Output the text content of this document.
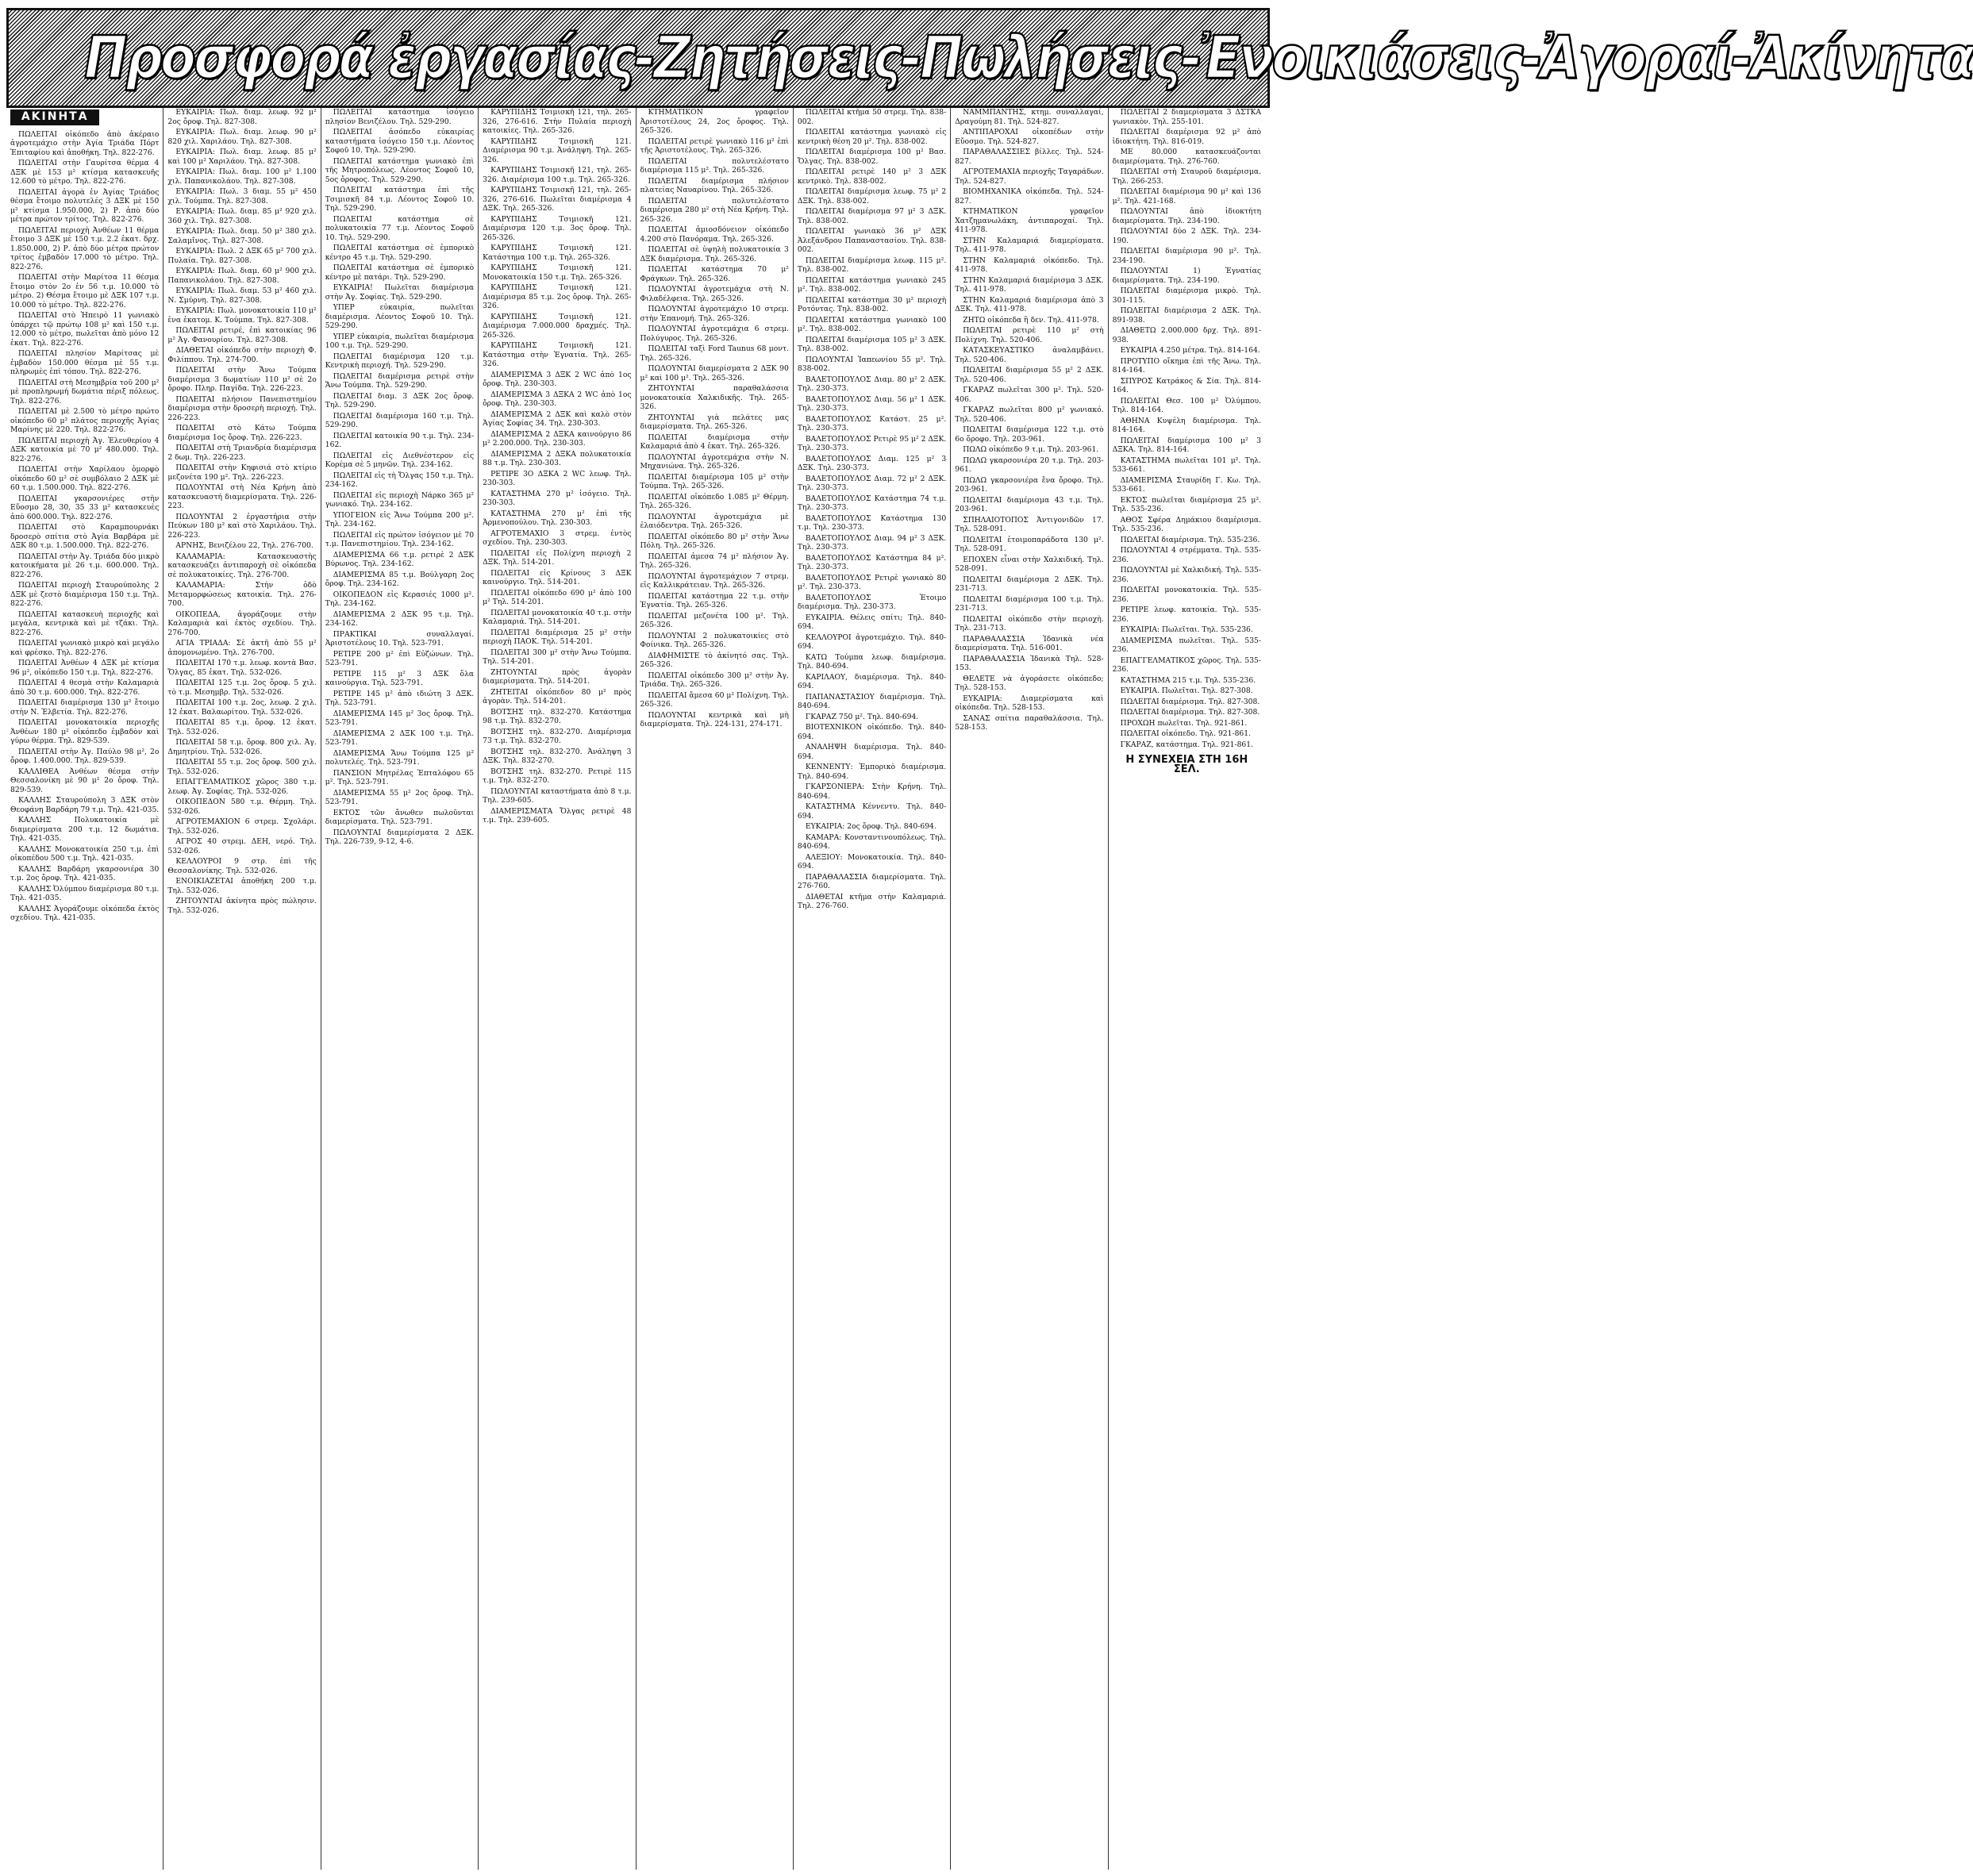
Προσφορά ἐργασίας-Ζητήσεις-Πωλήσεις-Ἐνοικιάσεις-Ἀγοραί-Ἀκίνητα
ΑΚΙΝΗΤΑ

ΠΩΛΕΙΤΑΙ οἰκόπεδο ἀπὸ ἀκέραιο ἀγροτεμάχιο στὴν Ἀγία Τριάδα Πόρτ Ἐπιταφίου καὶ ἀποθήκη. Τηλ. 822-276.

ΠΩΛΕΙΤΑΙ στὴν Γαυρίτσα θέρμα 4 ΔΞΚ μὲ 153 μ² κτίσμα κατασκευῆς 12.600 τὸ μέτρο. Τηλ. 822-276.

ΠΩΛΕΙΤΑΙ ἀγορὰ ἐν Ἀγίας Τριάδος θέσμα ἔτοιμο πολυτελές 3 ΔΞΚ μὲ 150 μ² κτίσμα 1.950.000, 2) Ρ. ἀπὸ δύο μέτρα πρώτον τρίτος. Τηλ. 822-276.

ΠΩΛΕΙΤΑΙ περιοχὴ Ἀνθέων 11 θέρμα ἔτοιμο 3 ΔΞΚ μὲ 150 τ.μ. 2.2 ἑκατ. δρχ. 1.850.000, 2) Ρ. ἀπὸ δύο μέτρα πρώτον τρίτος ἐμβαδὸν 17.000 τὸ μέτρο. Τηλ. 822-276.

ΠΩΛΕΙΤΑΙ στὴν Μαρίτσα 11 θέσμα ἔτοιμο στὸν 2ο ἐν 56 τ.μ. 10.000 τὸ μέτρο. 2) Θέσμα ἔτοιμο μὲ ΔΞΚ 107 τ.μ. 10.000 τὸ μέτρο. Τηλ. 822-276.

ΠΩΛΕΙΤΑΙ στὸ Ἡπειρὸ 11 γωνιακὸ ὑπάρχει τῷ πρώτῳ 108 μ² καὶ 150 τ.μ. 12.000 τὸ μέτρο, πωλεῖται ἀπὸ μόνο 12 ἑκατ. Τηλ. 822-276.

ΠΩΛΕΙΤΑΙ πλησίον Μαρίτσας μὲ ἐμβαδὸν 150.000 θέσμα μὲ 55 τ.μ. πληρωμὲς ἐπὶ τόπου. Τηλ. 822-276.

ΠΩΛΕΙΤΑΙ στὴ Μεσημβρία τοῦ 200 μ² μὲ προπληρωμή δωμάτια πέριξ πόλεως. Τηλ. 822-276.

ΠΩΛΕΙΤΑΙ μὲ 2.500 τὸ μέτρο πρώτο οἰκόπεδο 60 μ² πλάτος περιοχῆς Ἀγίας Μαρίνης μὲ 220. Τηλ. 822-276.

ΠΩΛΕΙΤΑΙ περιοχὴ Ἀγ. Ἐλευθερίου 4 ΔΞΚ κατοικία μὲ 70 μ² 480.000. Τηλ. 822-276.

ΠΩΛΕΙΤΑΙ στὴν Χαρίλαου ὁμορφὸ οἰκόπεδο 60 μ² σὲ συμβόλαιο 2 ΔΞΚ μὲ 60 τ.μ. 1.500.000. Τηλ. 822-276.

ΠΩΛΕΙΤΑΙ γκαρσονιέρες στὴν Εὔοσμο 28, 30, 35 33 μ² κατασκευὲς ἀπὸ 600.000. Τηλ. 822-276.

ΠΩΛΕΙΤΑΙ στὸ Καραμπουρνάκι δροσερὸ σπίτια στὸ Ἀγία Βαρβάρα μὲ ΔΞΚ 80 τ.μ. 1.500.000. Τηλ. 822-276.

ΠΩΛΕΙΤΑΙ στὴν Ἀγ. Τριάδα δύο μικρὸ κατοικήματα μὲ 26 τ.μ. 600.000. Τηλ. 822-276.

ΠΩΛΕΙΤΑΙ περιοχὴ Σταυρούπολης 2 ΔΞΚ μὲ ζεστὸ διαμέρισμα 150 τ.μ. Τηλ. 822-276.

ΠΩΛΕΙΤΑΙ κατασκευὴ περιοχῆς καὶ μεγάλα, κεντρικὰ καὶ μὲ τζάκι. Τηλ. 822-276.

ΠΩΛΕΙΤΑΙ γωνιακὸ μικρὸ καὶ μεγάλο καὶ φρέσκο. Τηλ. 822-276.

ΠΩΛΕΙΤΑΙ Ἀνθέων 4 ΔΞΚ μὲ κτίσμα 96 μ², οἰκόπεδο 150 τ.μ. Τηλ. 822-276.

ΠΩΛΕΙΤΑΙ 4 θεσμὰ στὴν Καλαμαριὰ ἀπὸ 30 τ.μ. 600.000. Τηλ. 822-276.

ΠΩΛΕΙΤΑΙ διαμέρισμα 130 μ² ἔτοιμο στὴν Ν. Ἐλβετία. Τηλ. 822-276.

ΠΩΛΕΙΤΑΙ μονοκατοικία περιοχῆς Ἀνθέων 180 μ² οἰκόπεδο ἐμβαδὸν καὶ γύρω θέρμα. Τηλ. 829-539.

ΠΩΛΕΙΤΑΙ στὴν Ἀγ. Παύλο 98 μ², 2ο ὄροφ. 1.400.000. Τηλ. 829-539.

ΚΑΛΛΙΘΕΑ Ἀνθέων θέσμα στὴν Θεσσαλονίκη μὲ 90 μ² 2ο ὄροφ. Τηλ. 829-539.

ΚΑΛΛΗΣ Σταυρούπολη 3 ΔΞΚ στὸν Θεοφάνη Βαρδάρη 79 τ.μ. Τηλ. 421-035.

ΚΑΛΛΗΣ Πολυκατοικία μὲ διαμερίσματα 200 τ.μ. 12 δωμάτια. Τηλ. 421-035.

ΚΑΛΛΗΣ Μονοκατοικία 250 τ.μ. ἐπὶ οἰκοπέδου 500 τ.μ. Τηλ. 421-035.

ΚΑΛΛΗΣ Βαρδάρη γκαρσονιέρα 30 τ.μ. 2ος ὄροφ. Τηλ. 421-035.

ΚΑΛΛΗΣ Ὀλύμπου διαμέρισμα 80 τ.μ. Τηλ. 421-035.

ΚΑΛΛΗΣ Ἀγοράζουμε οἰκόπεδα ἐκτὸς σχεδίου. Τηλ. 421-035.

ΕΥΚΑΙΡΙΑ: Πωλ. διαμ. λεωφ. 92 μ² 2ος ὄροφ. Τηλ. 827-308.

ΕΥΚΑΙΡΙΑ: Πωλ. διαμ. λεωφ. 90 μ² 820 χιλ. Χαριλάου. Τηλ. 827-308.

ΕΥΚΑΙΡΙΑ: Πωλ. διαμ. λεωφ. 85 μ² καὶ 100 μ² Χαριλάου. Τηλ. 827-308.

ΕΥΚΑΙΡΙΑ: Πωλ. διαμ. 100 μ² 1.100 χιλ. Παπανικολάου. Τηλ. 827-308.

ΕΥΚΑΙΡΙΑ: Πωλ. 3 διαμ. 55 μ² 450 χιλ. Τούμπα. Τηλ. 827-308.

ΕΥΚΑΙΡΙΑ: Πωλ. διαμ. 85 μ² 920 χιλ. 360 χιλ. Τηλ. 827-308.

ΕΥΚΑΙΡΙΑ: Πωλ. διαμ. 50 μ² 380 χιλ. Σαλαμῖνος. Τηλ. 827-308.

ΕΥΚΑΙΡΙΑ: Πωλ. 2 ΔΞΚ 65 μ² 700 χιλ. Πυλαία. Τηλ. 827-308.

ΕΥΚΑΙΡΙΑ: Πωλ. διαμ. 60 μ² 900 χιλ. Παπανικολάου. Τηλ. 827-308.

ΕΥΚΑΙΡΙΑ: Πωλ. διαμ. 53 μ² 460 χιλ. Ν. Σμύρνη. Τηλ. 827-308.

ΕΥΚΑΙΡΙΑ: Πωλ. μονοκατοικία 110 μ² ἐνα ἑκατομ. Κ. Τούμπα. Τηλ. 827-308.

ΠΩΛΕΙΤΑΙ ρετιρέ, ἐπὶ κατοικίας 96 μ² Ἀγ. Φανουρίου. Τηλ. 827-308.

ΔΙΑΘΕΤΑΙ οἰκόπεδο στὴν περιοχὴ Φ. Φιλίππου. Τηλ. 274-700.

ΠΩΛΕΙΤΑΙ στὴν Ἄνω Τούμπα διαμέρισμα 3 δωματίων 110 μ² σὲ 2ο ὄροφο. Πληρ. Παγίδα. Τηλ. 226-223.

ΠΩΛΕΙΤΑΙ πλήσιον Πανεπιστημίου διαμέρισμα στὴν δροσερὴ περιοχή. Τηλ. 226-223.

ΠΩΛΕΙΤΑΙ στὸ Κάτω Τούμπα διαμέρισμα 1ος ὄροφ. Τηλ. 226-223.

ΠΩΛΕΙΤΑΙ στὴ Τριανδρία διαμέρισμα 2 δωμ. Τηλ. 226-223.

ΠΩΛΕΙΤΑΙ στὴν Κηφισιά στὸ κτίριο μεζονέτα 190 μ². Τηλ. 226-223.

ΠΩΛΟΥΝΤΑΙ στὴ Νέα Κρήνη ἀπὸ κατασκευαστή διαμερίσματα. Τηλ. 226-223.

ΠΩΛΟΥΝΤΑΙ 2 ἐργαστήρια στὴν Πεύκων 180 μ² καὶ στὸ Χαριλάου. Τηλ. 226-223.

ΑΡΝΗΣ, Βενιζέλου 22, Τηλ. 276-700.

ΚΑΛΑΜΑΡΙΑ: Κατασκευαστὴς κατασκευάζει ἀντιπαροχὴ σὲ οἰκόπεδα σὲ πολυκατοικίες. Τηλ. 276-700.

ΚΑΛΑΜΑΡΙΑ: Στὴν ὁδὸ Μεταμορφώσεως κατοικία. Τηλ. 276-700.

ΟΙΚΟΠΕΔΑ, ἀγοράζουμε στὴν Καλαμαριὰ καὶ ἐκτὸς σχεδίου. Τηλ. 276-700.

ΑΓΙΑ ΤΡΙΑΔΑ: Σὲ ἀκτῆ ἀπὸ 55 μ² ἀπομονωμένο. Τηλ. 276-700.

ΠΩΛΕΙΤΑΙ 170 τ.μ. λεωφ. κοντὰ Βασ. Ὄλγας, 85 ἑκατ. Τηλ. 532-026.

ΠΩΛΕΙΤΑΙ 125 τ.μ. 2ος ὄροφ. 5 χιλ. τὸ τ.μ. Μεσημβρ. Τηλ. 532-026.

ΠΩΛΕΙΤΑΙ 100 τ.μ. 2ος, λεωφ. 2 χιλ. 12 ἑκατ. Βαλαωρίτου. Τηλ. 532-026.

ΠΩΛΕΙΤΑΙ 85 τ.μ. ὄροφ. 12 ἑκατ. Τηλ. 532-026.

ΠΩΛΕΙΤΑΙ 58 τ.μ. ὄροφ. 800 χιλ. Ἀγ. Δημητρίου. Τηλ. 532-026.

ΠΩΛΕΙΤΑΙ 55 τ.μ. 2ος ὄροφ. 500 χιλ. Τηλ. 532-026.

ΕΠΑΓΓΕΛΜΑΤΙΚΟΣ χῶρος 380 τ.μ. λεωφ. Ἀγ. Σοφίας. Τηλ. 532-026.

ΟΙΚΟΠΕΔΟΝ 580 τ.μ. Θέρμη. Τηλ. 532-026.

ΑΓΡΟΤΕΜΑΧΙΟΝ 6 στρεμ. Σχολάρι. Τηλ. 532-026.

ΑΓΡΟΣ 40 στρεμ. ΔΕΗ, νερό. Τηλ. 532-026.

ΚΕΛΛΟΥΡΟΙ 9 στρ. ἐπὶ τῆς Θεσσαλονίκης. Τηλ. 532-026.

ΕΝΟΙΚΙΑΖΕΤΑΙ ἀποθήκη 200 τ.μ. Τηλ. 532-026.

ΖΗΤΟΥΝΤΑΙ ἀκίνητα πρὸς πώλησιν. Τηλ. 532-026.

ΠΩΛΕΙΤΑΙ κατάστημα ἰσόγειο πλησίον Βενιζέλου. Τηλ. 529-290.

ΠΩΛΕΙΤΑΙ ἀσόπεδο εὐκαιρίας καταστήματα ἰσόγειο 150 τ.μ. Λέοντος Σοφοῦ 10. Τηλ. 529-290.

ΠΩΛΕΙΤΑΙ κατάστημα γωνιακὸ ἐπὶ τῆς Μητροπόλεως. Λέοντος Σοφοῦ 10, 5ος ὄροφος. Τηλ. 529-290.

ΠΩΛΕΙΤΑΙ κατάστημα ἐπὶ τῆς Τσιμισκῆ 84 τ.μ. Λέοντος Σοφοῦ 10. Τηλ. 529-290.

ΠΩΛΕΙΤΑΙ κατάστημα σὲ πολυκατοικία 77 τ.μ. Λέοντος Σοφοῦ 10. Τηλ. 529-290.

ΠΩΛΕΙΤΑΙ κατάστημα σὲ ἐμπορικὸ κέντρο 45 τ.μ. Τηλ. 529-290.

ΠΩΛΕΙΤΑΙ κατάστημα σὲ ἐμπορικὸ κέντρο μὲ πατάρι. Τηλ. 529-290.

ΕΥΚΑΙΡΙΑ! Πωλεῖται διαμέρισμα στὴν Ἀγ. Σοφίας. Τηλ. 529-290.

ΥΠΕΡ εὐκαιρία, πωλεῖται διαμέρισμα. Λέοντος Σοφοῦ 10. Τηλ. 529-290.

ΥΠΕΡ εὐκαιρία, πωλεῖται διαμέρισμα 100 τ.μ. Τηλ. 529-290.

ΠΩΛΕΙΤΑΙ διαμέρισμα 120 τ.μ. Κεντρικὴ περιοχή. Τηλ. 529-290.

ΠΩΛΕΙΤΑΙ διαμέρισμα ρετιρὲ στὴν Ἄνω Τούμπα. Τηλ. 529-290.

ΠΩΛΕΙΤΑΙ διαμ. 3 ΔΞΚ 2ος ὄροφ. Τηλ. 529-290.

ΠΩΛΕΙΤΑΙ διαμέρισμα 160 τ.μ. Τηλ. 529-290.

ΠΩΛΕΙΤΑΙ κατοικία 90 τ.μ. Τηλ. 234-162.

ΠΩΛΕΙΤΑΙ εἰς Διεθνέστερον εἰς Κορέμα σὲ 5 μηνῶν. Τηλ. 234-162.

ΠΩΛΕΙΤΑΙ εἰς τὴ Ὄλγας 150 τ.μ. Τηλ. 234-162.

ΠΩΛΕΙΤΑΙ εἰς περιοχὴ Νάρκο 365 μ² γωνιακό. Τηλ. 234-162.

ΥΠΟΓΕΙΟΝ εἰς Ἄνω Τούμπα 200 μ². Τηλ. 234-162.

ΠΩΛΕΙΤΑΙ εἰς πρώτον ἰσόγειον μὲ 70 τ.μ. Πανεπιστημίου. Τηλ. 234-162.

ΔΙΑΜΕΡΙΣΜΑ 66 τ.μ. ρετιρὲ 2 ΔΞΚ Βύρωνος. Τηλ. 234-162.

ΔΙΑΜΕΡΙΣΜΑ 85 τ.μ. Βούλγαρη 2ος ὄροφ. Τηλ. 234-162.

ΟΙΚΟΠΕΔΟΝ εἰς Κερασιές 1000 μ². Τηλ. 234-162.

ΔΙΑΜΕΡΙΣΜΑ 2 ΔΞΚ 95 τ.μ. Τηλ. 234-162.

ΠΡΑΚΤΙΚΑΙ συναλλαγαί. Ἀριστοτέλους 10. Τηλ. 523-791.

ΡΕΤΙΡΕ 200 μ² ἐπὶ Εὐζώνων. Τηλ. 523-791.

ΡΕΤΙΡΕ 115 μ² 3 ΔΞΚ ὅλα καινούργια. Τηλ. 523-791.

ΡΕΤΙΡΕ 145 μ² ἀπὸ ιδιώτη 3 ΔΞΚ. Τηλ. 523-791.

ΔΙΑΜΕΡΙΣΜΑ 145 μ² 3ος ὄροφ. Τηλ. 523-791.

ΔΙΑΜΕΡΙΣΜΑ 2 ΔΞΚ 100 τ.μ. Τηλ. 523-791.

ΔΙΑΜΕΡΙΣΜΑ Ἄνω Τούμπα 125 μ² πολυτελές. Τηλ. 523-791.

ΠΑΝΣΙΟΝ Μητρέλας Ἐπταλόφου 65 μ². Τηλ. 523-791.

ΔΙΑΜΕΡΙΣΜΑ 55 μ² 2ος ὄροφ. Τηλ. 523-791.

ΕΚΤΟΣ τῶν ἄνωθεν πωλοῦνται διαμερίσματα. Τηλ. 523-791.

ΠΩΛΟΥΝΤΑΙ διαμερίσματα 2 ΔΞΚ. Τηλ. 226-739, 9-12, 4-6.

ΚΑΡΥΠΙΔΗΣ Τσιμισκῆ 121, τηλ. 265-326, 276-616. Στὴν Πυλαία περιοχὴ κατοικίες. Τηλ. 265-326.

ΚΑΡΥΠΙΔΗΣ Τσιμισκῆ 121. Διαμέρισμα 90 τ.μ. Ἀνάληψη. Τηλ. 265-326.

ΚΑΡΥΠΙΔΗΣ Τσιμισκῆ 121, τηλ. 265-326. Διαμέρισμα 100 τ.μ. Τηλ. 265-326.

ΚΑΡΥΠΙΔΗΣ Τσιμισκῆ 121, τηλ. 265-326, 276-616. Πωλεῖται διαμέρισμα 4 ΔΞΚ. Τηλ. 265-326.

ΚΑΡΥΠΙΔΗΣ Τσιμισκῆ 121. Διαμέρισμα 120 τ.μ. 3ος ὄροφ. Τηλ. 265-326.

ΚΑΡΥΠΙΔΗΣ Τσιμισκῆ 121. Κατάστημα 100 τ.μ. Τηλ. 265-326.

ΚΑΡΥΠΙΔΗΣ Τσιμισκῆ 121. Μονοκατοικία 150 τ.μ. Τηλ. 265-326.

ΚΑΡΥΠΙΔΗΣ Τσιμισκῆ 121. Διαμέρισμα 85 τ.μ. 2ος ὄροφ. Τηλ. 265-326.

ΚΑΡΥΠΙΔΗΣ Τσιμισκῆ 121. Διαμέρισμα 7.000.000 δραχμές. Τηλ. 265-326.

ΚΑΡΥΠΙΔΗΣ Τσιμισκῆ 121. Κατάστημα στὴν Ἐγνατία. Τηλ. 265-326.

ΔΙΑΜΕΡΙΣΜΑ 3 ΔΞΚ 2 WC ἀπὸ 1ος ὄροφ. Τηλ. 230-303.

ΔΙΑΜΕΡΙΣΜΑ 3 ΔΞΚΑ 2 WC ἀπὸ 1ος ὄροφ. Τηλ. 230-303.

ΔΙΑΜΕΡΙΣΜΑ 2 ΔΞΚ καὶ καλὸ στὸν Ἀγίας Σοφίας 34. Τηλ. 230-303.

ΔΙΑΜΕΡΙΣΜΑ 2 ΔΞΚΑ καινούργιο 86 μ² 2.200.000. Τηλ. 230-303.

ΔΙΑΜΕΡΙΣΜΑ 2 ΔΞΚΑ πολυκατοικία 88 τ.μ. Τηλ. 230-303.

ΡΕΤΙΡΕ 3Ο ΔΞΚΑ 2 WC λεωφ. Τηλ. 230-303.

ΚΑΤΑΣΤΗΜΑ 270 μ² ἰσόγειο. Τηλ. 230-303.

ΚΑΤΑΣΤΗΜΑ 270 μ² ἐπὶ τῆς Ἀρμενοπούλου. Τηλ. 230-303.

ΑΓΡΟΤΕΜΑΧΙΟ 3 στρεμ. ἐντὸς σχεδίου. Τηλ. 230-303.

ΠΩΛΕΙΤΑΙ εἰς Πολίχνη περιοχὴ 2 ΔΞΚ. Τηλ. 514-201.

ΠΩΛΕΙΤΑΙ εἰς Κρίνους 3 ΔΞΚ καινούργιο. Τηλ. 514-201.

ΠΩΛΕΙΤΑΙ οἰκόπεδο 690 μ² ἀπὸ 100 μ² Τηλ. 514-201.

ΠΩΛΕΙΤΑΙ μονοκατοικία 40 τ.μ. στὴν Καλαμαριά. Τηλ. 514-201.

ΠΩΛΕΙΤΑΙ διαμέρισμα 25 μ² στὴν περιοχὴ ΠΑΟΚ. Τηλ. 514-201.

ΠΩΛΕΙΤΑΙ 300 μ² στὴν Ἄνω Τούμπα. Τηλ. 514-201.

ΖΗΤΟΥΝΤΑΙ πρὸς ἀγορὰν διαμερίσματα. Τηλ. 514-201.

ΖΗΤΕΙΤΑΙ οἰκόπεδον 80 μ² πρὸς ἀγορὰν. Τηλ. 514-201.

ΒΟΤΣΗΣ τηλ. 832-270. Κατάστημα 98 τ.μ. Τηλ. 832-270.

ΒΟΤΣΗΣ τηλ. 832-270. Διαμέρισμα 73 τ.μ. Τηλ. 832-270.

ΒΟΤΣΗΣ τηλ. 832-270. Ἀνάληψη 3 ΔΞΚ. Τηλ. 832-270.

ΒΟΤΣΗΣ τηλ. 832-270. Ρετιρὲ 115 τ.μ. Τηλ. 832-270.

ΠΩΛΟΥΝΤΑΙ καταστήματα ἀπὸ 8 τ.μ. Τηλ. 239-605.

ΔΙΑΜΕΡΙΣΜΑΤΑ Ὄλγας ρετιρὲ 48 τ.μ. Τηλ. 239-605.

ΚΤΗΜΑΤΙΚΟΝ γραφεῖον Ἀριστοτέλους 24, 2ος ὄροφος. Τηλ. 265-326.

ΠΩΛΕΙΤΑΙ ρετιρὲ γωνιακὸ 116 μ² ἐπὶ τῆς Ἀριστοτέλους. Τηλ. 265-326.

ΠΩΛΕΙΤΑΙ πολυτελέστατο διαμέρισμα 115 μ². Τηλ. 265-326.

ΠΩΛΕΙΤΑΙ διαμέρισμα πλήσιον πλατείας Ναυαρίνου. Τηλ. 265-326.

ΠΩΛΕΙΤΑΙ πολυτελέστατο διαμέρισμα 280 μ² στὴ Νέα Κρήνη. Τηλ. 265-326.

ΠΩΛΕΙΤΑΙ ἀμιοσδόνειον οἰκόπεδο 4.200 στὸ Πανόραμα. Τηλ. 265-326.

ΠΩΛΕΙΤΑΙ σὲ ὑψηλὴ πολυκατοικία 3 ΔΞΚ διαμέρισμα. Τηλ. 265-326.

ΠΩΛΕΙΤΑΙ κατάστημα 70 μ² Φράγκων. Τηλ. 265-326.

ΠΩΛΟΥΝΤΑΙ ἀγροτεμάχια στὴ Ν. Φιλαδέλφεια. Τηλ. 265-326.

ΠΩΛΟΥΝΤΑΙ ἀγροτεμάχιο 10 στρεμ. στὴν Ἐπανομή. Τηλ. 265-326.

ΠΩΛΟΥΝΤΑΙ ἀγροτεμάχια 6 στρεμ. Πολύγυρος. Τηλ. 265-326.

ΠΩΛΕΙΤΑΙ ταξὶ Ford Taunus 68 μοντ. Τηλ. 265-326.

ΠΩΛΟΥΝΤΑΙ διαμερίσματα 2 ΔΞΚ 90 μ² καὶ 100 μ². Τηλ. 265-326.

ΖΗΤΟΥΝΤΑΙ παραθαλάσσια μονοκατοικία Χαλκιδικῆς. Τηλ. 265-326.

ΖΗΤΟΥΝΤΑΙ γιὰ πελάτες μας διαμερίσματα. Τηλ. 265-326.

ΠΩΛΕΙΤΑΙ διαμέρισμα στὴν Καλαμαριά ἀπὸ 4 ἑκατ. Τηλ. 265-326.

ΠΩΛΟΥΝΤΑΙ ἀγροτεμάχια στὴν Ν. Μηχανιώνα. Τηλ. 265-326.

ΠΩΛΕΙΤΑΙ διαμέρισμα 105 μ² στὴν Τούμπα. Τηλ. 265-326.

ΠΩΛΕΙΤΑΙ οἰκόπεδο 1.085 μ² Θέρμη. Τηλ. 265-326.

ΠΩΛΟΥΝΤΑΙ ἀγροτεμάχια μὲ ἐλαιόδεντρα. Τηλ. 265-326.

ΠΩΛΕΙΤΑΙ οἰκόπεδο 80 μ² στὴν Ἄνω Πόλη. Τηλ. 265-326.

ΠΩΛΕΙΤΑΙ ἀμεσα 74 μ² πλήσιον Ἁγ. Τηλ. 265-326.

ΠΩΛΟΥΝΤΑΙ ἀγροτεμάχιον 7 στρεμ. εἰς Καλλικράτειαν. Τηλ. 265-326.

ΠΩΛΕΙΤΑΙ κατάστημα 22 τ.μ. στὴν Ἐγνατία. Τηλ. 265-326.

ΠΩΛΕΙΤΑΙ μεζονέτα 100 μ². Τηλ. 265-326.

ΠΩΛΟΥΝΤΑΙ 2 πολυκατοικίες στὸ Φοίνικα. Τηλ. 265-326.

ΔΙΑΦΗΜΙΣΤΕ τὸ ἀκίνητό σας. Τηλ. 265-326.

ΠΩΛΕΙΤΑΙ οἰκόπεδο 300 μ² στὴν Ἀγ. Τριάδα. Τηλ. 265-326.

ΠΩΛΕΙΤΑΙ ἄμεσα 60 μ² Πολίχνη. Τηλ. 265-326.

ΠΩΛΟΥΝΤΑΙ κεντρικὰ καὶ μὴ διαμερίσματα. Τηλ. 224-131, 274-171.

ΠΩΛΕΙΤΑΙ κτῆμα 50 στρεμ. Τηλ. 838-002.

ΠΩΛΕΙΤΑΙ κατάστημα γωνιακὸ εἰς κεντρικὴ θέση 20 μ². Τηλ. 838-002.

ΠΩΛΕΙΤΑΙ διαμέρισμα 100 μ² Βασ. Ὄλγας. Τηλ. 838-002.

ΠΩΛΕΙΤΑΙ ρετιρὲ 140 μ² 3 ΔΞΚ κεντρικὸ. Τηλ. 838-002.

ΠΩΛΕΙΤΑΙ διαμέρισμα λεωφ. 75 μ² 2 ΔΞΚ. Τηλ. 838-002.

ΠΩΛΕΙΤΑΙ διαμέρισμα 97 μ² 3 ΔΞΚ. Τηλ. 838-002.

ΠΩΛΕΙΤΑΙ γωνιακὸ 36 μ² ΔΞΚ Ἀλεξάνδρου Παπαναστασίου. Τηλ. 838-002.

ΠΩΛΕΙΤΑΙ διαμέρισμα λεωφ. 115 μ². Τηλ. 838-002.

ΠΩΛΕΙΤΑΙ κατάστημα γωνιακὸ 245 μ². Τηλ. 838-002.

ΠΩΛΕΙΤΑΙ κατάστημα 30 μ² περιοχὴ Ροτόντας. Τηλ. 838-002.

ΠΩΛΕΙΤΑΙ κατάστημα γωνιακὸ 100 μ². Τηλ. 838-002.

ΠΩΛΕΙΤΑΙ διαμέρισμα 105 μ² 3 ΔΞΚ. Τηλ. 838-002.

ΠΩΛΟΥΝΤΑΙ Ἰαπεωνίου 55 μ². Τηλ. 838-002.

ΒΑΛΕΤΟΠΟΥΛΟΣ Διαμ. 80 μ² 2 ΔΞΚ. Τηλ. 230-373.

ΒΑΛΕΤΟΠΟΥΛΟΣ Διαμ. 56 μ² 1 ΔΞΚ. Τηλ. 230-373.

ΒΑΛΕΤΟΠΟΥΛΟΣ Κατάστ. 25 μ². Τηλ. 230-373.

ΒΑΛΕΤΟΠΟΥΛΟΣ Ρετιρὲ 95 μ² 2 ΔΞΚ. Τηλ. 230-373.

ΒΑΛΕΤΟΠΟΥΛΟΣ Διαμ. 125 μ² 3 ΔΞΚ. Τηλ. 230-373.

ΒΑΛΕΤΟΠΟΥΛΟΣ Διαμ. 72 μ² 2 ΔΞΚ. Τηλ. 230-373.

ΒΑΛΕΤΟΠΟΥΛΟΣ Κατάστημα 74 τ.μ. Τηλ. 230-373.

ΒΑΛΕΤΟΠΟΥΛΟΣ Κατάστημα 130 τ.μ. Τηλ. 230-373.

ΒΑΛΕΤΟΠΟΥΛΟΣ Διαμ. 94 μ² 3 ΔΞΚ. Τηλ. 230-373.

ΒΑΛΕΤΟΠΟΥΛΟΣ Κατάστημα 84 μ². Τηλ. 230-373.

ΒΑΛΕΤΟΠΟΥΛΟΣ Ρετιρὲ γωνιακὸ 80 μ². Τηλ. 230-373.

ΒΑΛΕΤΟΠΟΥΛΟΣ Ἐτοιμο διαμέρισμα. Τηλ. 230-373.

ΕΥΚΑΙΡΙΑ. Θέλεις σπίτι; Τηλ. 840-694.

ΚΕΛΛΟΥΡΟΙ ἀγροτεμάχιο. Τηλ. 840-694.

ΚΑΤΩ Τούμπα λεωφ. διαμέρισμα. Τηλ. 840-694.

ΚΑΡΙΛΑΟΥ, διαμέρισμα. Τηλ. 840-694.

ΠΑΠΑΝΑΣΤΑΣΙΟΥ διαμέρισμα. Τηλ. 840-694.

ΓΚΑΡΑΖ 750 μ². Τηλ. 840-694.

ΒΙΟΤΕΧΝΙΚΟΝ οἰκόπεδο. Τηλ. 840-694.

ΑΝΑΛΗΨΗ διαμέρισμα. Τηλ. 840-694.

ΚΕΝΝΕΝΤΥ: Ἐμπορικὸ διαμέρισμα. Τηλ. 840-694.

ΓΚΑΡΣΟΝΙΕΡΑ: Στὴν Κρήνη. Τηλ. 840-694.

ΚΑΤΑΣΤΗΜΑ Κέννεντυ. Τηλ. 840-694.

ΕΥΚΑΙΡΙΑ: 2ος ὄροφ. Τηλ. 840-694.

ΚΑΜΑΡΑ: Κονσταντινουπόλεως. Τηλ. 840-694.

ΑΛΕΞΙΟΥ: Μονοκατοικία. Τηλ. 840-694.

ΠΑΡΑΘΑΛΑΣΣΙΑ διαμερίσματα. Τηλ. 276-760.

ΔΙΑΘΕΤΑΙ κτῆμα στὴν Καλαμαριά. Τηλ. 276-760.

ΝΑΜΜΠΑΝΤΗΣ, κτημ. συναλλαγαί, Δραγούμη 81. Τηλ. 524-827.

ΑΝΤΙΠΑΡΟΧΑΙ οἰκοπέδων στὴν Εὔοσμο. Τηλ. 524-827.

ΠΑΡΑΘΑΛΑΣΣΙΕΣ βίλλες. Τηλ. 524-827.

ΑΓΡΟΤΕΜΑΧΙΑ περιοχῆς Ταγαράδων. Τηλ. 524-827.

ΒΙΟΜΗΧΑΝΙΚΑ οἰκόπεδα. Τηλ. 524-827.

ΚΤΗΜΑΤΙΚΟΝ γραφεῖον Χατζημανωλάκη, ἀντιπαροχαί. Τηλ. 411-978.

ΣΤΗΝ Καλαμαριά διαμερίσματα. Τηλ. 411-978.

ΣΤΗΝ Καλαμαριά οἰκόπεδο. Τηλ. 411-978.

ΣΤΗΝ Καλαμαριά διαμέρισμα 3 ΔΞΚ. Τηλ. 411-978.

ΣΤΗΝ Καλαμαριά διαμέρισμα ἀπὸ 3 ΔΞΚ. Τηλ. 411-978.

ΖΗΤΩ οἰκόπεδα ἢ δεν. Τηλ. 411-978.

ΠΩΛΕΙΤΑΙ ρετιρὲ 110 μ² στὴ Πολίχνη. Τηλ. 520-406.

ΚΑΤΑΣΚΕΥΑΣΤΙΚΟ ἀναλαμβάνει. Τηλ. 520-406.

ΠΩΛΕΙΤΑΙ διαμέρισμα 55 μ² 2 ΔΞΚ. Τηλ. 520-406.

ΓΚΑΡΑΖ πωλεῖται 300 μ². Τηλ. 520-406.

ΓΚΑΡΑΖ πωλεῖται 800 μ² γωνιακό. Τηλ. 520-406.

ΠΩΛΕΙΤΑΙ διαμέρισμα 122 τ.μ. στὸ 6ο ὄροφο. Τηλ. 203-961.

ΠΩΛΩ οἰκόπεδο 9 τ.μ. Τηλ. 203-961.

ΠΩΛΩ γκαρσονιέρα 20 τ.μ. Τηλ. 203-961.

ΠΩΛΩ γκαρσονιέρα ἕνα ὄροφο. Τηλ. 203-961.

ΠΩΛΕΙΤΑΙ διαμέρισμα 43 τ.μ. Τηλ. 203-961.

ΣΠΗΛΑΙΟΤΟΠΟΣ Ἀντιγονιδῶν 17. Τηλ. 528-091.

ΠΩΛΕΙΤΑΙ ἑτοιμοπαράδοτα 130 μ². Τηλ. 528-091.

ΕΠΟΧΕΝ εἶναι στὴν Χαλκιδική. Τηλ. 528-091.

ΠΩΛΕΙΤΑΙ διαμέρισμα 2 ΔΞΚ. Τηλ. 231-713.

ΠΩΛΕΙΤΑΙ διαμέρισμα 100 τ.μ. Τηλ. 231-713.

ΠΩΛΕΙΤΑΙ οἰκόπεδο στὴν περιοχὴ. Τηλ. 231-713.

ΠΑΡΑΘΑΛΑΣΣΙΑ Ἰδανικὰ νέα διαμερίσματα. Τηλ. 516-001.

ΠΑΡΑΘΑΛΑΣΣΙΑ Ἰδανικὰ Τηλ. 528-153.

ΘΕΛΕΤΕ νὰ ἀγοράσετε οἰκόπεδο; Τηλ. 528-153.

ΕΥΚΑΙΡΙΑ: Διαμερίσματα καὶ οἰκόπεδα. Τηλ. 528-153.

ΣΑΝΑΣ σπίτια παραθαλάσσια. Τηλ. 528-153.

ΠΩΛΕΙΤΑΙ 2 διαμερίσματα 3 ΔΣΤΚΑ γωνιακὸν. Τηλ. 255-101.

ΠΩΛΕΙΤΑΙ διαμέρισμα 92 μ² ἀπὸ ἰδιοκτήτη. Τηλ. 816-019.

ΜΕ 80.000 κατασκευάζονται διαμερίσματα. Τηλ. 276-760.

ΠΩΛΕΙΤΑΙ στὴ Σταυροῦ διαμέρισμα. Τηλ. 266-253.

ΠΩΛΕΙΤΑΙ διαμέρισμα 90 μ² καὶ 136 μ². Τηλ. 421-168.

ΠΩΛΟΥΝΤΑΙ ἀπὸ ἰδιοκτήτη διαμερίσματα. Τηλ. 234-190.

ΠΩΛΟΥΝΤΑΙ δύο 2 ΔΞΚ. Τηλ. 234-190.

ΠΩΛΕΙΤΑΙ διαμέρισμα 90 μ². Τηλ. 234-190.

ΠΩΛΟΥΝΤΑΙ 1) Ἐγνατίας διαμερίσματα. Τηλ. 234-190.

ΠΩΛΕΙΤΑΙ διαμέρισμα μικρὸ. Τηλ. 301-115.

ΠΩΛΕΙΤΑΙ διαμέρισμα 2 ΔΞΚ. Τηλ. 891-938.

ΔΙΑΘΕΤΩ 2.000.000 δρχ. Τηλ. 891-938.

ΕΥΚΑΙΡΙΑ 4.250 μέτρα. Τηλ. 814-164.

ΠΡΟΤΥΠΟ οἴκημα ἐπὶ τῆς Ἄνω. Τηλ. 814-164.

ΣΠΥΡΟΣ Κατράκος & Σία. Τηλ. 814-164.

ΠΩΛΕΙΤΑΙ Θεσ. 100 μ² Ὀλύμπου. Τηλ. 814-164.

ΑΘΗΝΑ Κυψέλη διαμέρισμα. Τηλ. 814-164.

ΠΩΛΕΙΤΑΙ διαμέρισμα 100 μ² 3 ΔΞΚΑ. Τηλ. 814-164.

ΚΑΤΑΣΤΗΜΑ πωλεῖται 101 μ². Τηλ. 533-661.

ΔΙΑΜΕΡΙΣΜΑ Σταυρίδη Γ. Κω. Τηλ. 533-661.

ΕΚΤΟΣ πωλεῖται διαμέρισμα 25 μ². Τηλ. 535-236.

ΑΘΟΣ Σφέρα Δημάκιου διαμέρισμα. Τηλ. 535-236.

ΠΩΛΕΙΤΑΙ διαμέρισμα. Τηλ. 535-236.

ΠΩΛΟΥΝΤΑΙ 4 στρέμματα. Τηλ. 535-236.

ΠΩΛΟΥΝΤΑΙ μὲ Χαλκιδική. Τηλ. 535-236.

ΠΩΛΕΙΤΑΙ μονοκατοικία. Τηλ. 535-236.

ΡΕΤΙΡΕ λεωφ. κατοικία. Τηλ. 535-236.

ΕΥΚΑΙΡΙΑ: Πωλεῖται. Τηλ. 535-236.

ΔΙΑΜΕΡΙΣΜΑ πωλεῖται. Τηλ. 535-236.

ΕΠΑΓΓΕΛΜΑΤΙΚΟΣ χῶρος. Τηλ. 535-236.

ΚΑΤΑΣΤΗΜΑ 215 τ.μ. Τηλ. 535-236.

ΕΥΚΑΙΡΙΑ. Πωλεῖται. Τηλ. 827-308.

ΠΩΛΕΙΤΑΙ διαμέρισμα. Τηλ. 827-308.

ΠΩΛΕΙΤΑΙ διαμέρισμα. Τηλ. 827-308.

ΠΡΟΧΩΗ πωλεῖται. Τηλ. 921-861.

ΠΩΛΕΙΤΑΙ οἰκόπεδο. Τηλ. 921-861.

ΓΚΑΡΑΖ, κατάστημα. Τηλ. 921-861.

Η ΣΥΝΕΧΕΙΑ ΣΤΗ 16Η ΣΕΛ.
